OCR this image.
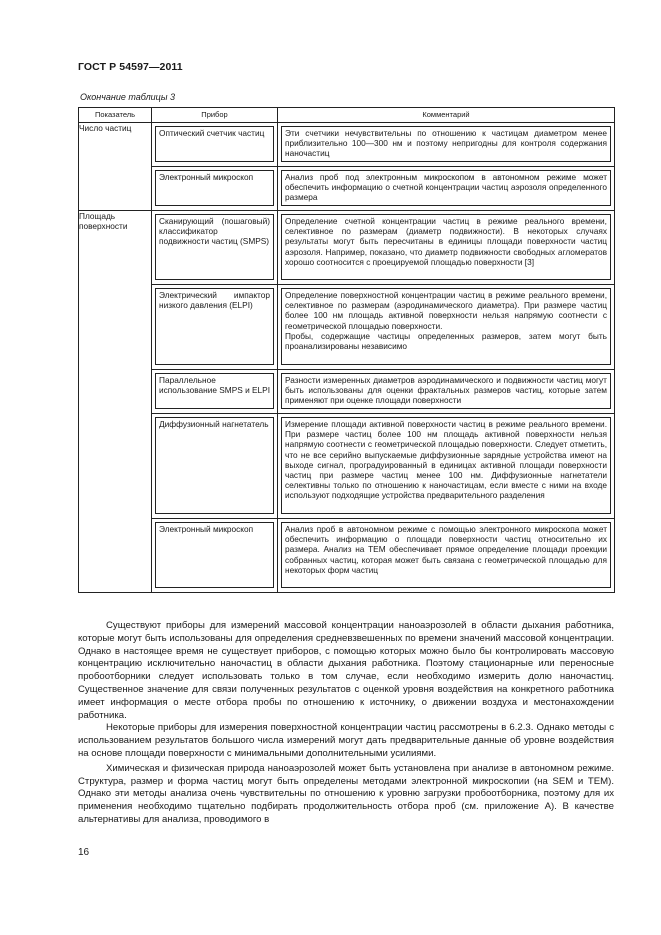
ГОСТ Р 54597—2011
Окончание таблицы 3
Показатель	Прибор	Комментарий

Число частиц	Оптический счетчик частиц	Эти счетчики нечувствительны по отношению к частицам диаметром менее приблизительно 100—300 нм и поэтому непригодны для контроля содержания наночастиц

	Электронный микроскоп	Анализ проб под электронным микроскопом в автономном режиме может обеспечить информацию о счетной концентрации частиц аэрозоля определенного размера

Площадь поверхности	Сканирующий (пошаговый) классификатор подвижности частиц (SMPS)	Определение счетной концентрации частиц в режиме реального времени, селективное по размерам (диаметр подвижности). В некоторых случаях результаты могут быть пересчитаны в единицы площади поверхности частиц аэрозоля. Например, показано, что диаметр подвижности свободных агломератов хорошо соотносится с проецируемой площадью поверхности [3]

	Электрический импактор низкого давления (ELPI)	Определение поверхностной концентрации частиц в режиме реального времени, селективное по размерам (аэродинамического диаметра). При размере частиц более 100 нм площадь активной поверхности нельзя напрямую соотнести с геометрической площадью поверхности.
Пробы, содержащие частицы определенных размеров, затем могут быть проанализированы независимо

	Параллельное использование SMPS и ELPI	Разности измеренных диаметров аэродинамического и подвижности частиц могут быть использованы для оценки фрактальных размеров частиц, которые затем применяют при оценке площади поверхности

	Диффузионный нагнетатель	Измерение площади активной поверхности частиц в режиме реального времени. При размере частиц более 100 нм площадь активной поверхности нельзя напрямую соотнести с геометрической площадью поверхности. Следует отметить, что не все серийно выпускаемые диффузионные зарядные устройства имеют на выходе сигнал, проградуированный в единицах активной площади поверхности частиц при размере частиц менее 100 нм. Диффузионные нагнетатели селективны только по отношению к наночастицам, если вместе с ними на входе используют подходящие устройства предварительного разделения

	Электронный микроскоп	Анализ проб в автономном режиме с помощью электронного микроскопа может обеспечить информацию о площади поверхности частиц относительно их размера. Анализ на ТЕМ обеспечивает прямое определение площади проекции собранных частиц, которая может быть связана с геометрической площадью для некоторых форм частиц

Существуют приборы для измерений массовой концентрации наноаэрозолей в области дыхания работника, которые могут быть использованы для определения средневзвешенных по времени значений массовой концентрации. Однако в настоящее время не существует приборов, с помощью которых можно было бы контролировать массовую концентрацию исключительно наночастиц в области дыхания работника. Поэтому стационарные или переносные пробоотборники следует использовать только в том случае, если необходимо измерить долю наночастиц. Существенное значение для связи полученных результатов с оценкой уровня воздействия на конкретного работника имеет информация о месте отбора пробы по отношению к источнику, о движении воздуха и местонахождении работника.

Некоторые приборы для измерения поверхностной концентрации частиц рассмотрены в 6.2.3. Однако методы с использованием результатов большого числа измерений могут дать предварительные данные об уровне воздействия на основе площади поверхности с минимальными дополнительными усилиями.

Химическая и физическая природа наноаэрозолей может быть установлена при анализе в автономном режиме. Структура, размер и форма частиц могут быть определены методами электронной микроскопии (на SEM и ТЕМ). Однако эти методы анализа очень чувствительны по отношению к уровню загрузки пробоотборника, поэтому для их применения необходимо тщательно подбирать продолжительность отбора проб (см. приложение А). В качестве альтернативы для анализа, проводимого в

16
